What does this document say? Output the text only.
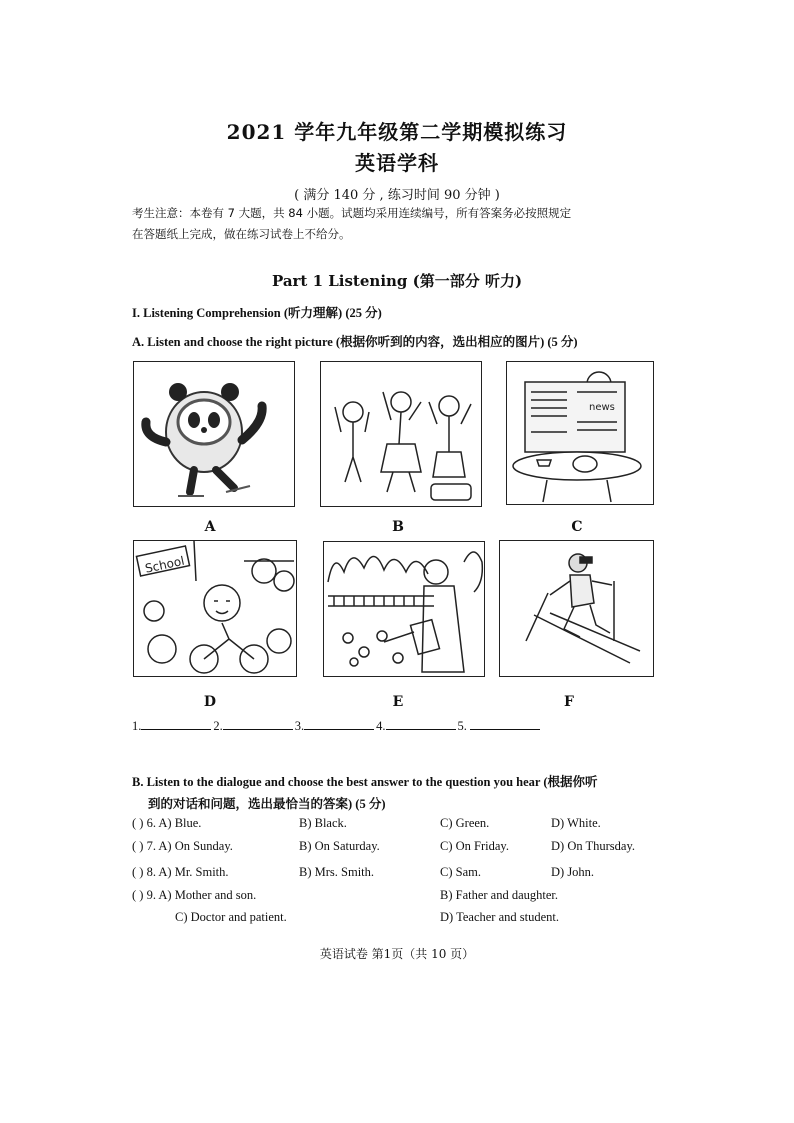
2021 学年九年级第二学期模拟练习
英语学科
( 满分 140 分 , 练习时间 90 分钟 )
考生注意：本卷有 7 大题，共 84 小题。试题均采用连续编号，所有答案务必按照规定
在答题纸上完成，做在练习试卷上不给分。
Part 1 Listening (第一部分 听力)
I. Listening Comprehension (听力理解) (25 分)
A. Listen and choose the right picture (根据你听到的内容，选出相应的图片) (5 分)
news
A	B	C
School
D	E	F
1.	2.	3.	4.	5.
B. Listen to the dialogue and choose the best answer to the question you hear (根据你听
到的对话和问题，选出最恰当的答案) (5 分)
( ) 6. A) Blue.	B) Black.	C) Green.	D) White.
( ) 7. A) On Sunday.	B) On Saturday.	C) On Friday.	D) On Thursday.
( ) 8. A) Mr. Smith.	B) Mrs. Smith.	C) Sam.	D) John.
( ) 9. A) Mother and son.	B) Father and daughter.
C) Doctor and patient.	D) Teacher and student.
英语试卷 第1页（共 10 页）
